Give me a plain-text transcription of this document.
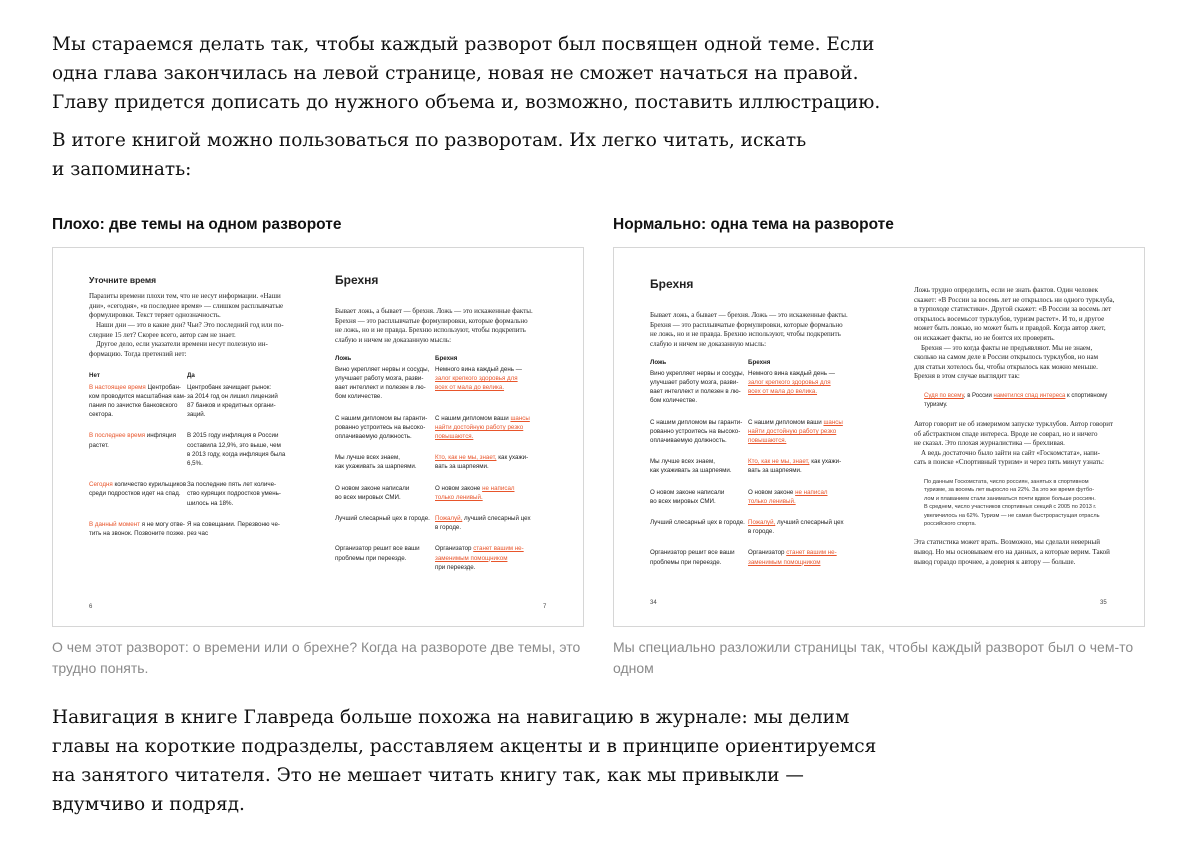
Мы стараемся делать так, чтобы каждый разворот был посвящен одной теме. Если
одна глава закончилась на левой странице, новая не сможет начаться на правой.
Главу придется дописать до нужного объема и, возможно, поставить иллюстрацию.
В итоге книгой можно пользоваться по разворотам. Их легко читать, искать
и запоминать:
Плохо: две темы на одном развороте	Нормально: одна тема на развороте
Уточните время
Паразиты времени плохи тем, что не несут информации. «Наши
дни», «сегодня», «в последнее время» — слишком расплывчатые
формулировки. Текст теряет однозначность.
Наши дни — это в какие дни? Чьи? Это последний год или по-
следние 15 лет? Скорее всего, автор сам не знает.
Другое дело, если указатели времени несут полезную ин-
формацию. Тогда претензий нет:
Нет	Да
В настоящее время Центробан-
ком проводится масштабная кам-
пания по зачистке банковского
сектора.	Центробанк зачищает рынок:
за 2014 год он лишил лицензий
87 банков и кредитных органи-
заций.

В последнее время инфляция
растет.	В 2015 году инфляция в России
составила 12,9%, это выше, чем
в 2013 году, когда инфляция была
6,5%.

Сегодня количество курильщиков
среди подростков идет на спад.	За последние пять лет количе-
ство курящих подростков умень-
шилось на 18%.

В данный момент я не могу отве-
тить на звонок. Позвоните позже.	Я на совещании. Перезвоню че-
рез час
6
Брехня
Бывает ложь, а бывает — брехня. Ложь — это искаженные факты.
Брехня — это расплывчатые формулировки, которые формально
не ложь, но и не правда. Брехню используют, чтобы подкрепить
слабую и ничем не доказанную мысль:
Ложь	Брехня

Вино укрепляет нервы и сосуды,
улучшает работу мозга, разви-
вает интеллект и полезен в лю-
бом количестве.	Немного вина каждый день —
залог крепкого здоровья для
всех от мала до велика.

С нашим дипломом вы гаранти-
рованно устроитесь на высоко-
оплачиваемую должность.	С нашим дипломом ваши шансы
найти достойную работу резко
повышаются.

Мы лучше всех знаем,
как ухаживать за шарпеями.	Кто, как не мы, знает, как ухажи- вать за шарпеями.

О новом законе написали
во всех мировых СМИ.	О новом законе не написал
только ленивый.

Лучший слесарный цех в городе.	Пожалуй, лучший слесарный цех в городе.

Организатор решит все ваши
проблемы при переезде.	Организатор станет вашим не-
заменимым помощником
при переезде.
7
Брехня
Бывает ложь, а бывает — брехня. Ложь — это искаженные факты.
Брехня — это расплывчатые формулировки, которые формально
не ложь, но и не правда. Брехню используют, чтобы подкрепить
слабую и ничем не доказанную мысль:
Ложь	Брехня

Вино укрепляет нервы и сосуды,
улучшает работу мозга, разви-
вает интеллект и полезен в лю-
бом количестве.	Немного вина каждый день —
залог крепкого здоровья для
всех от мала до велика.

С нашим дипломом вы гаранти-
рованно устроитесь на высоко-
оплачиваемую должность.	С нашим дипломом ваши шансы
найти достойную работу резко
повышаются.

Мы лучше всех знаем,
как ухаживать за шарпеями.	Кто, как не мы, знает, как ухажи- вать за шарпеями.

О новом законе написали
во всех мировых СМИ.	О новом законе не написал
только ленивый.

Лучший слесарный цех в городе.	Пожалуй, лучший слесарный цех в городе.

Организатор решит все ваши
проблемы при переезде.	Организатор станет вашим не-
заменимым помощником
34
Ложь трудно определить, если не знать фактов. Один человек
скажет: «В России за восемь лет не открылось ни одного турклуба,
в турпоходе статистики». Другой скажет: «В России за восемь лет
открылось восемьсот турклубов, туризм растет». И то, и другое
может быть ложью, но может быть и правдой. Когда автор лжет,
он искажает факты, но не боится их проверять.
Брехня — это когда факты не предъявляют. Мы не знаем,
сколько на самом деле в России открылось турклубов, но нам
для статьи хотелось бы, чтобы открылось как можно меньше.
Брехня в этом случае выглядит так:
Судя по всему, в России наметился спад интереса к спортивному
туризму.
Автор говорит не об измеримом запуске турклубов. Автор говорит
об абстрактном спаде интереса. Вроде не соврал, но и ничего
не сказал. Это плохая журналистика — брехливая.
А ведь достаточно было зайти на сайт «Госкомстата», напи-
сать в поиске «Спортивный туризм» и через пять минут узнать:
По данным Госкомстата, число россиян, занятых в спортивном
туризме, за восемь лет выросло на 22%. За это же время футбо-
лом и плаванием стали заниматься почти вдвое больше россиян.
В среднем, число участников спортивных секций с 2005 по 2013 г.
увеличилось на 62%. Туризм — не самая быстрорастущая отрасль
российского спорта.
Эта статистика может врать. Возможно, мы сделали неверный
вывод. Но мы основываем его на данных, а которые верим. Такой
вывод гораздо прочнее, а доверия к автору — больше.
35
О чем этот разворот: о времени или о брехне? Когда на развороте две темы, это
трудно понять.
Мы специально разложили страницы так, чтобы каждый разворот был о чем-то
одном
Навигация в книге Главреда больше похожа на навигацию в журнале: мы делим
главы на короткие подразделы, расставляем акценты и в принципе ориентируемся
на занятого читателя. Это не мешает читать книгу так, как мы привыкли —
вдумчиво и подряд.
